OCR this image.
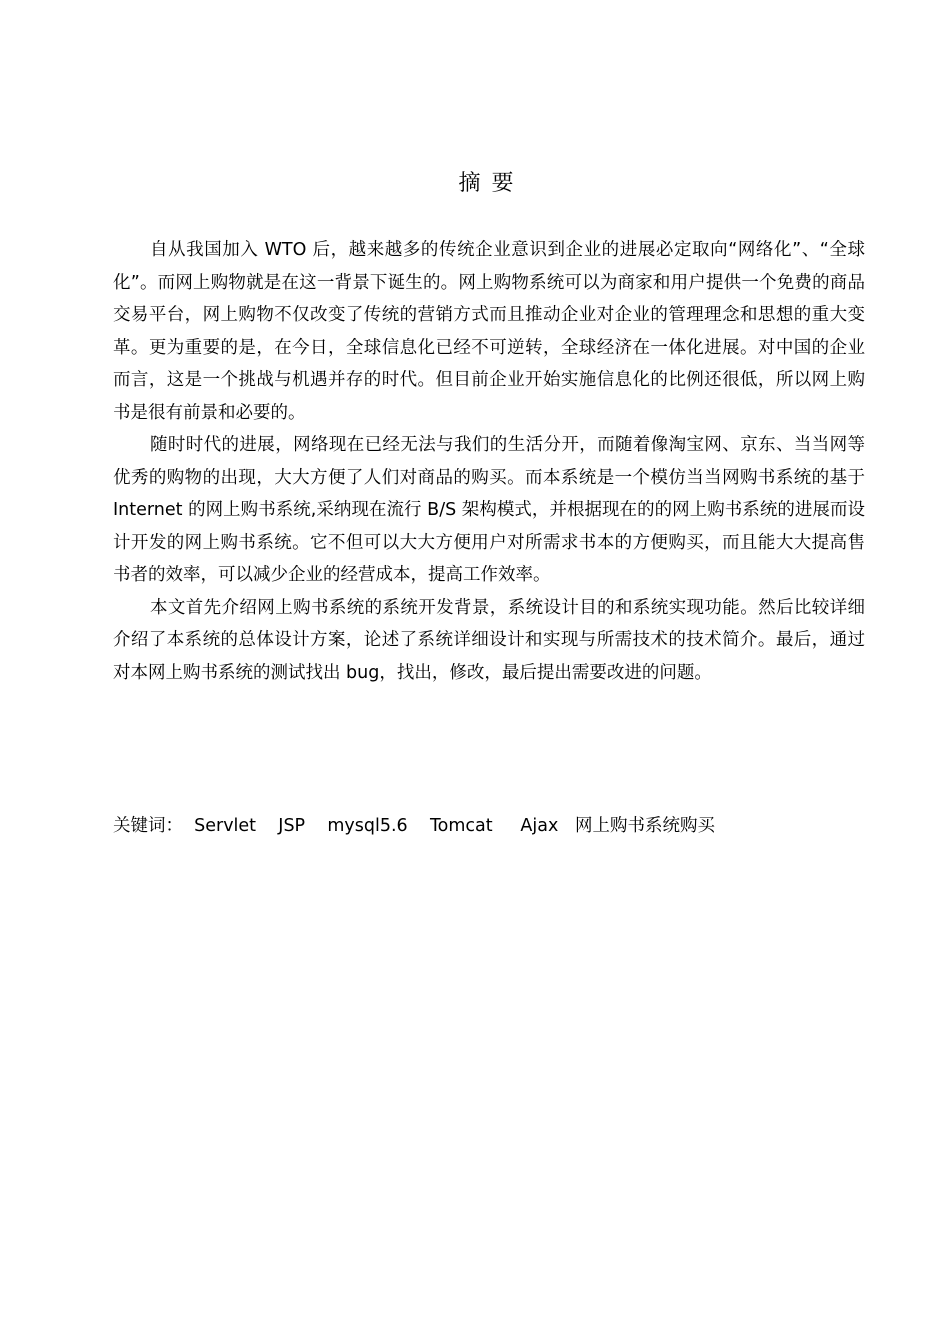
摘 要

自从我国加入 WTO 后，越来越多的传统企业意识到企业的进展必定取向“网络化”、“全球化”。而网上购物就是在这一背景下诞生的。网上购物系统可以为商家和用户提供一个免费的商品交易平台，网上购物不仅改变了传统的营销方式而且推动企业对企业的管理理念和思想的重大变革。更为重要的是，在今日，全球信息化已经不可逆转，全球经济在一体化进展。对中国的企业而言，这是一个挑战与机遇并存的时代。但目前企业开始实施信息化的比例还很低，所以网上购书是很有前景和必要的。

随时时代的进展，网络现在已经无法与我们的生活分开，而随着像淘宝网、京东、当当网等优秀的购物的出现，大大方便了人们对商品的购买。而本系统是一个模仿当当网购书系统的基于 Internet 的网上购书系统,采纳现在流行 B/S 架构模式，并根据现在的的网上购书系统的进展而设计开发的网上购书系统。它不但可以大大方便用户对所需求书本的方便购买，而且能大大提高售书者的效率，可以减少企业的经营成本，提高工作效率。

本文首先介绍网上购书系统的系统开发背景，系统设计目的和系统实现功能。然后比较详细介绍了本系统的总体设计方案，论述了系统详细设计和实现与所需技术的技术简介。最后，通过对本网上购书系统的测试找出 bug，找出，修改，最后提出需要改进的问题。

关键词：  Servlet    JSP    mysql5.6    Tomcat     Ajax   网上购书系统购买
